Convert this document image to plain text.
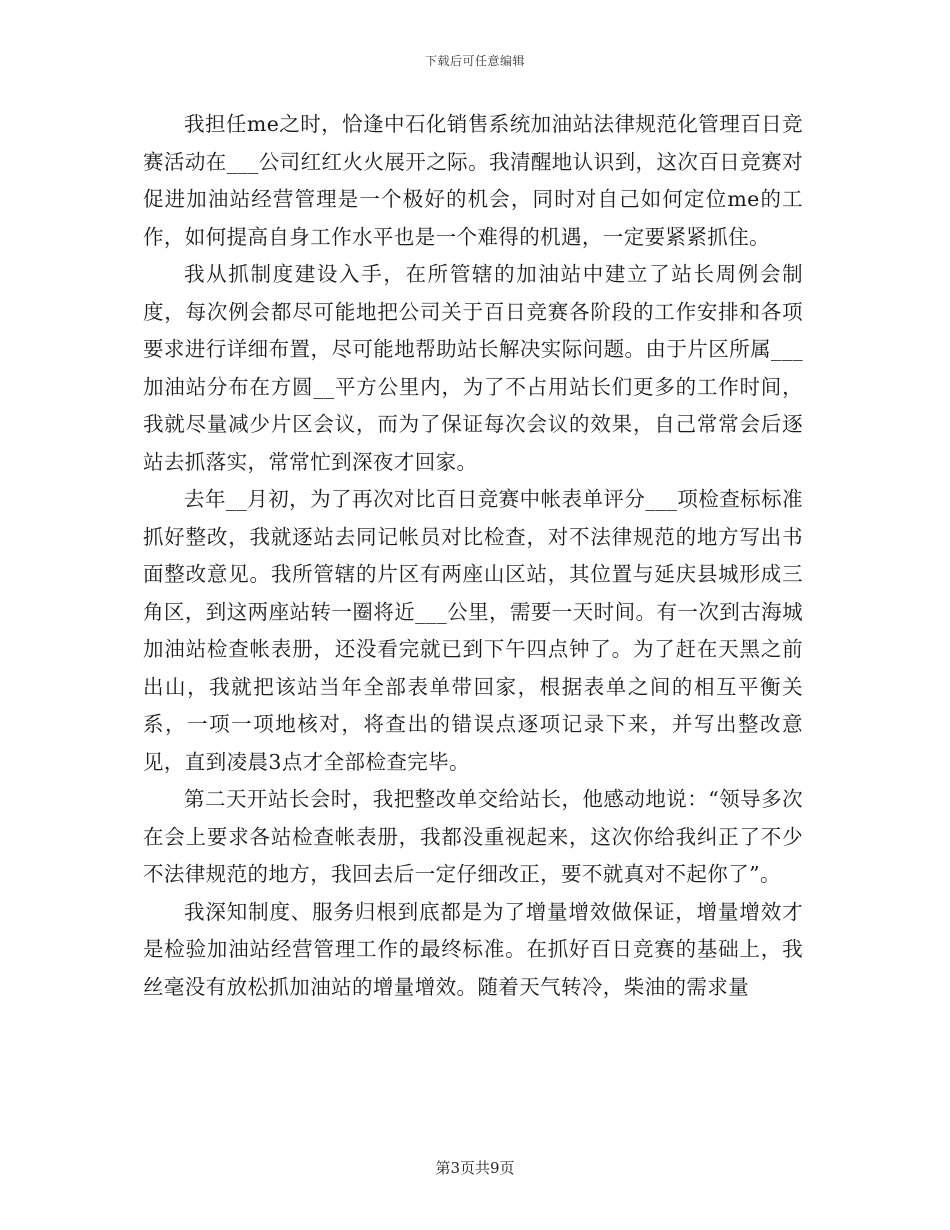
下载后可任意编辑

我担任me之时，恰逢中石化销售系统加油站法律规范化管理百日竞赛活动在___公司红红火火展开之际。我清醒地认识到，这次百日竞赛对促进加油站经营管理是一个极好的机会，同时对自己如何定位me的工作，如何提高自身工作水平也是一个难得的机遇，一定要紧紧抓住。

我从抓制度建设入手，在所管辖的加油站中建立了站长周例会制度，每次例会都尽可能地把公司关于百日竞赛各阶段的工作安排和各项要求进行详细布置，尽可能地帮助站长解决实际问题。由于片区所属___加油站分布在方圆__平方公里内，为了不占用站长们更多的工作时间，我就尽量减少片区会议，而为了保证每次会议的效果，自己常常会后逐站去抓落实，常常忙到深夜才回家。

去年__月初，为了再次对比百日竞赛中帐表单评分___项检查标标准抓好整改，我就逐站去同记帐员对比检查，对不法律规范的地方写出书面整改意见。我所管辖的片区有两座山区站，其位置与延庆县城形成三角区，到这两座站转一圈将近___公里，需要一天时间。有一次到古海城加油站检查帐表册，还没看完就已到下午四点钟了。为了赶在天黑之前出山，我就把该站当年全部表单带回家，根据表单之间的相互平衡关系，一项一项地核对，将查出的错误点逐项记录下来，并写出整改意见，直到凌晨3点才全部检查完毕。

第二天开站长会时，我把整改单交给站长，他感动地说：“领导多次在会上要求各站检查帐表册，我都没重视起来，这次你给我纠正了不少不法律规范的地方，我回去后一定仔细改正，要不就真对不起你了”。

我深知制度、服务归根到底都是为了增量增效做保证，增量增效才是检验加油站经营管理工作的最终标准。在抓好百日竞赛的基础上，我丝毫没有放松抓加油站的增量增效。随着天气转冷，柴油的需求量

第3页共9页
